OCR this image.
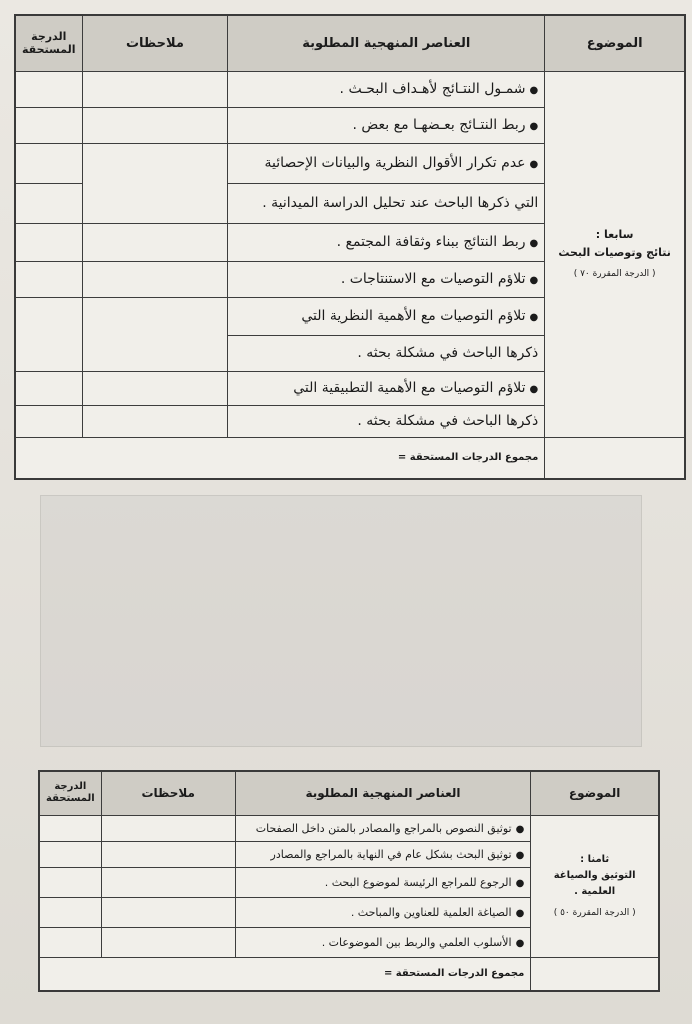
الموضوع	العناصر المنهجية المطلوبة	ملاحظات	الدرجة المستحقة
سابعا :
نتائج وتوصيات البحث
( الدرجة المقررة ٧٠ )	●شمـول النتـائج لأهـداف البحـث .		
	●ربط النتـائج بعـضهـا مع بعض .		
	●عدم تكرار الأقوال النظرية والبيانات الإحصائية		
	التي ذكرها الباحث عند تحليل الدراسة الميدانية .		
	●ربط النتائج ببناء وثقافة المجتمع .		
	●تلاؤم التوصيات مع الاستنتاجات .		
	●تلاؤم التوصيات مع الأهمية النظرية التي		
	ذكرها الباحث في مشكلة بحثه .		
	●تلاؤم التوصيات مع الأهمية التطبيقية التي		
	ذكرها الباحث في مشكلة بحثه .		
	مجموع الدرجات المستحقة =		
الموضوع	العناصر المنهجية المطلوبة	ملاحظات	الدرجة المستحقة
ثامنا :
التوثيق والصياغة العلمية .
( الدرجة المقررة ٥٠ )	●توثيق النصوص بالمراجع والمصادر بالمتن داخل الصفحات		
	●توثيق البحث بشكل عام في النهاية بالمراجع والمصادر		
	●الرجوع للمراجع الرئيسة لموضوع البحث .		
	●الصياغة العلمية للعناوين والمباحث .		
	●الأسلوب العلمي والربط بين الموضوعات .		
	مجموع الدرجات المستحقة =		
